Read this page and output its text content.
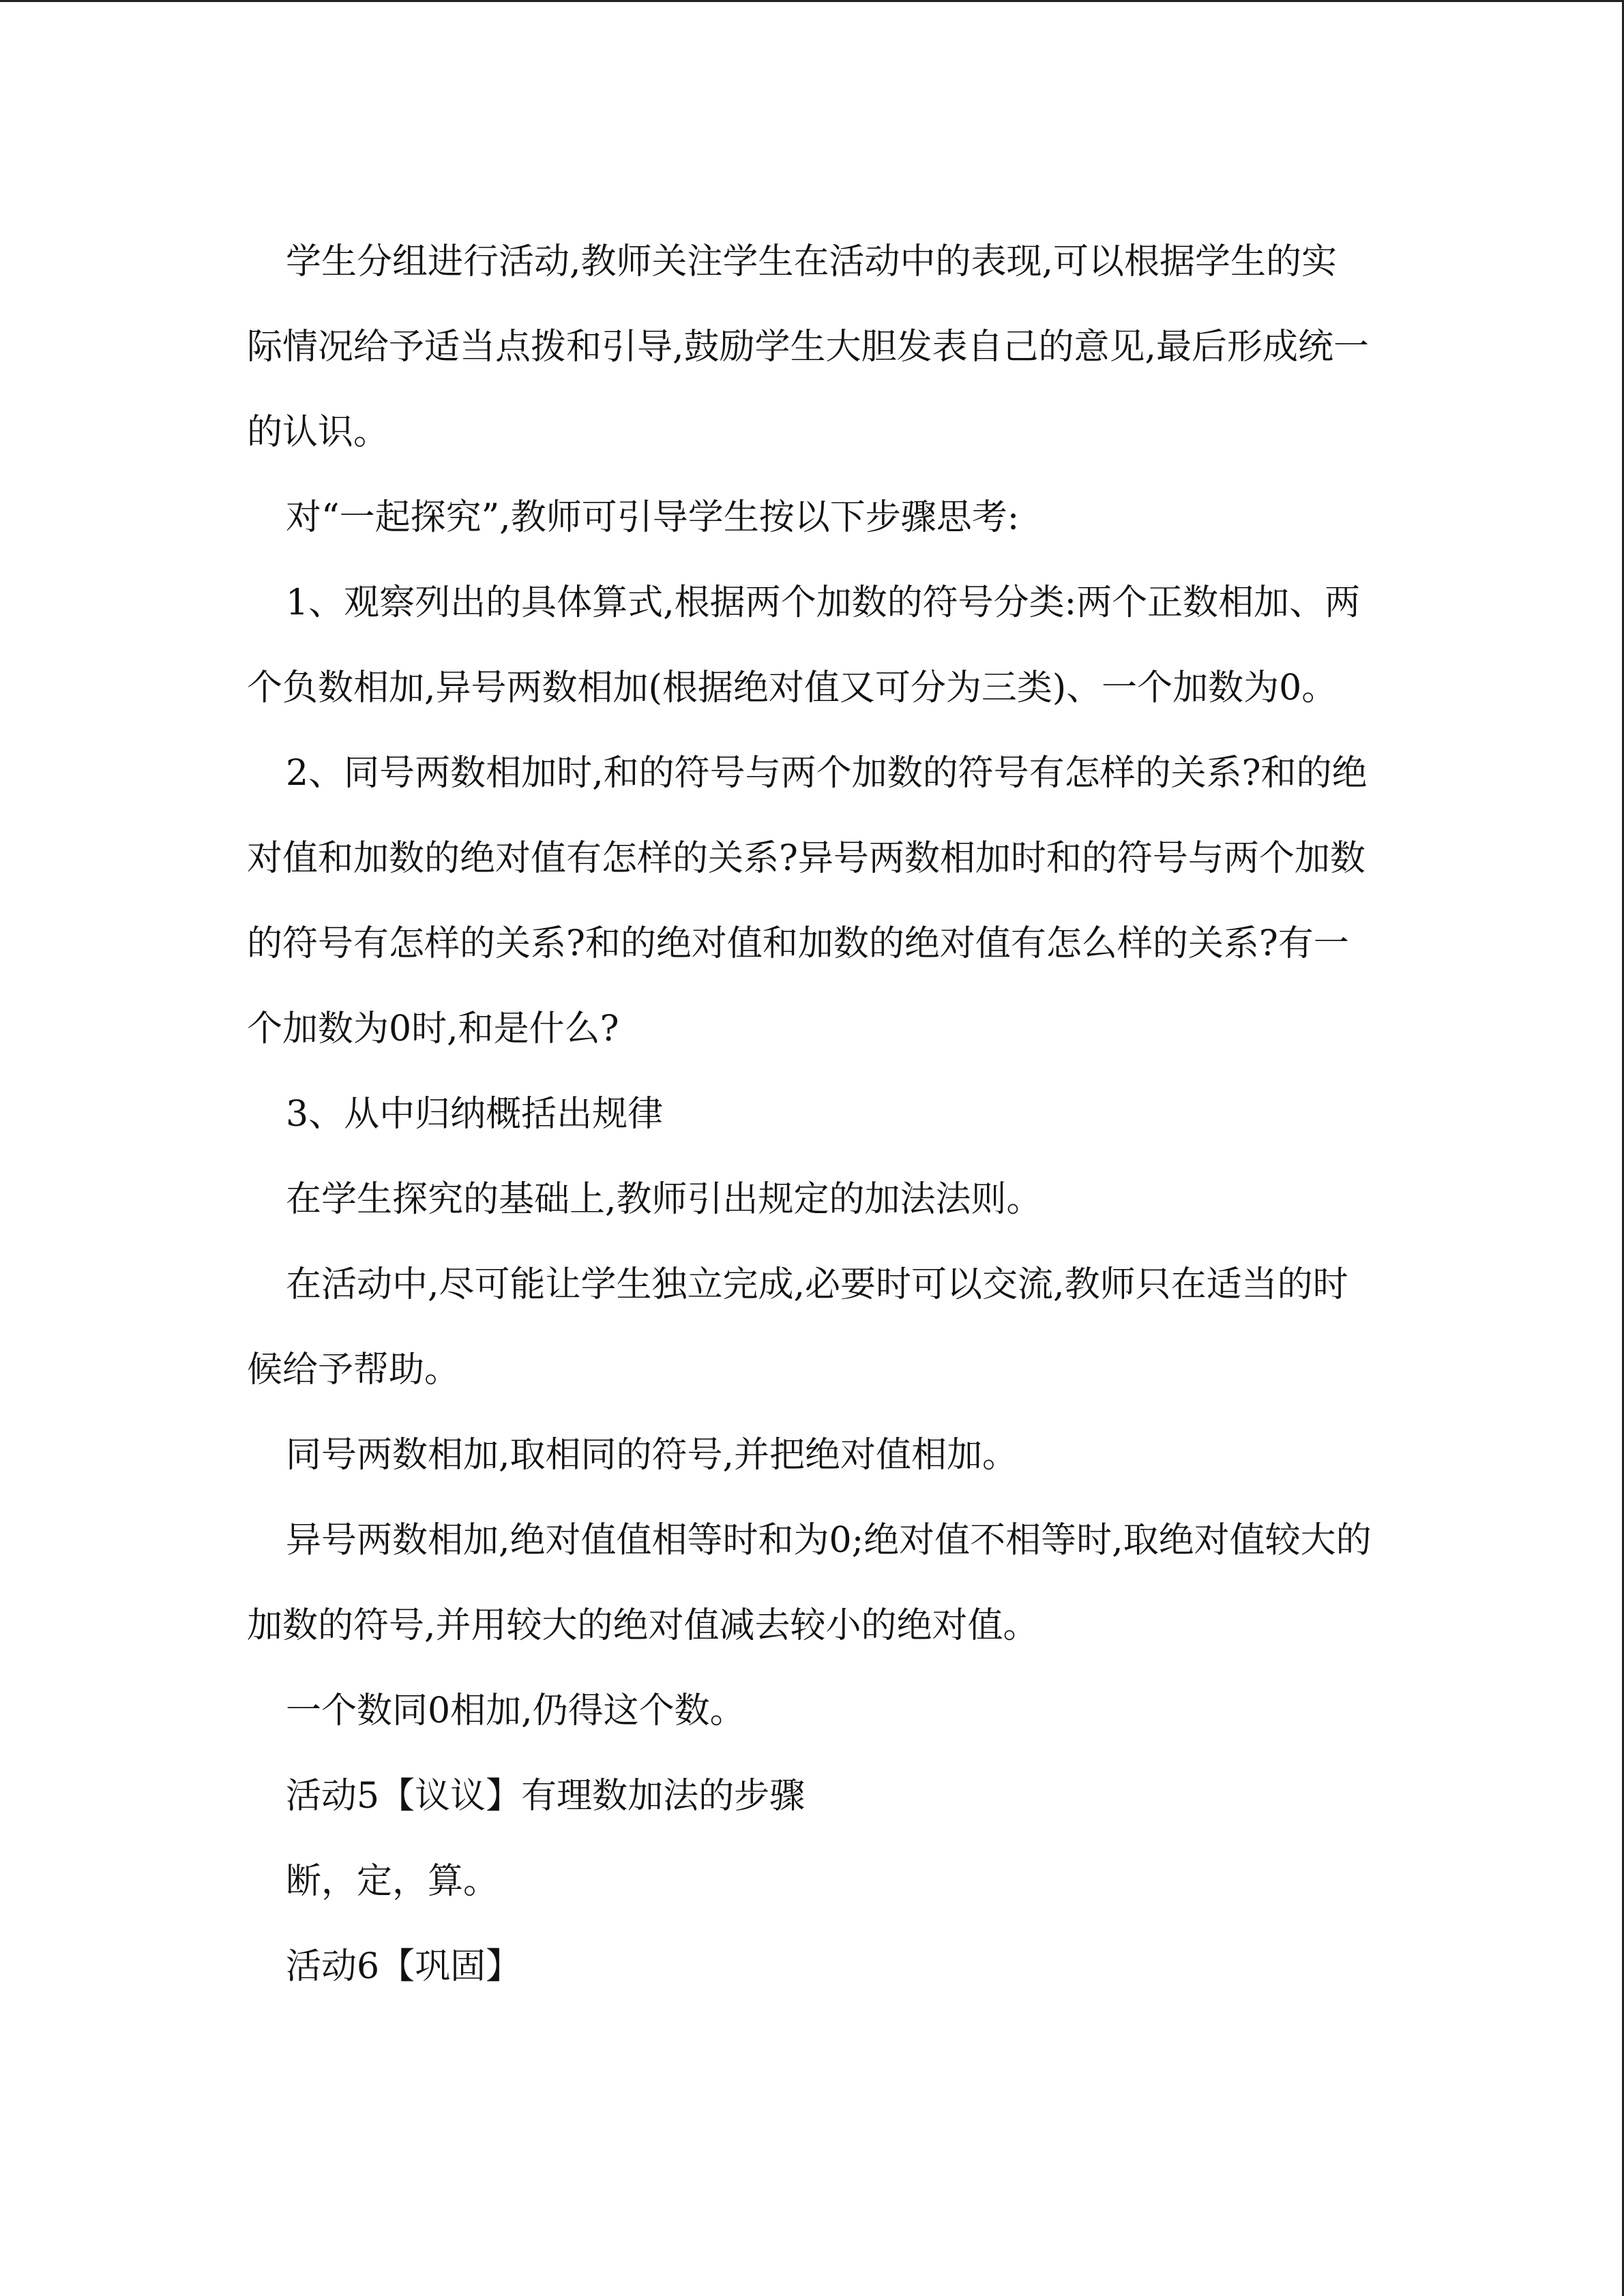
学生分组进行活动,教师关注学生在活动中的表现,可以根据学生的实际情况给予适当点拨和引导,鼓励学生大胆发表自己的意见,最后形成统一的认识。

对“一起探究”,教师可引导学生按以下步骤思考:

1、观察列出的具体算式,根据两个加数的符号分类:两个正数相加、两个负数相加,异号两数相加(根据绝对值又可分为三类)、一个加数为0。

2、同号两数相加时,和的符号与两个加数的符号有怎样的关系?和的绝对值和加数的绝对值有怎样的关系?异号两数相加时和的符号与两个加数的符号有怎样的关系?和的绝对值和加数的绝对值有怎么样的关系?有一个加数为0时,和是什么?

3、从中归纳概括出规律

在学生探究的基础上,教师引出规定的加法法则。

在活动中,尽可能让学生独立完成,必要时可以交流,教师只在适当的时候给予帮助。

同号两数相加,取相同的符号,并把绝对值相加。

异号两数相加,绝对值值相等时和为0;绝对值不相等时,取绝对值较大的加数的符号,并用较大的绝对值减去较小的绝对值。

一个数同0相加,仍得这个数。

活动5【议议】有理数加法的步骤

断，定，算。

活动6【巩固】
